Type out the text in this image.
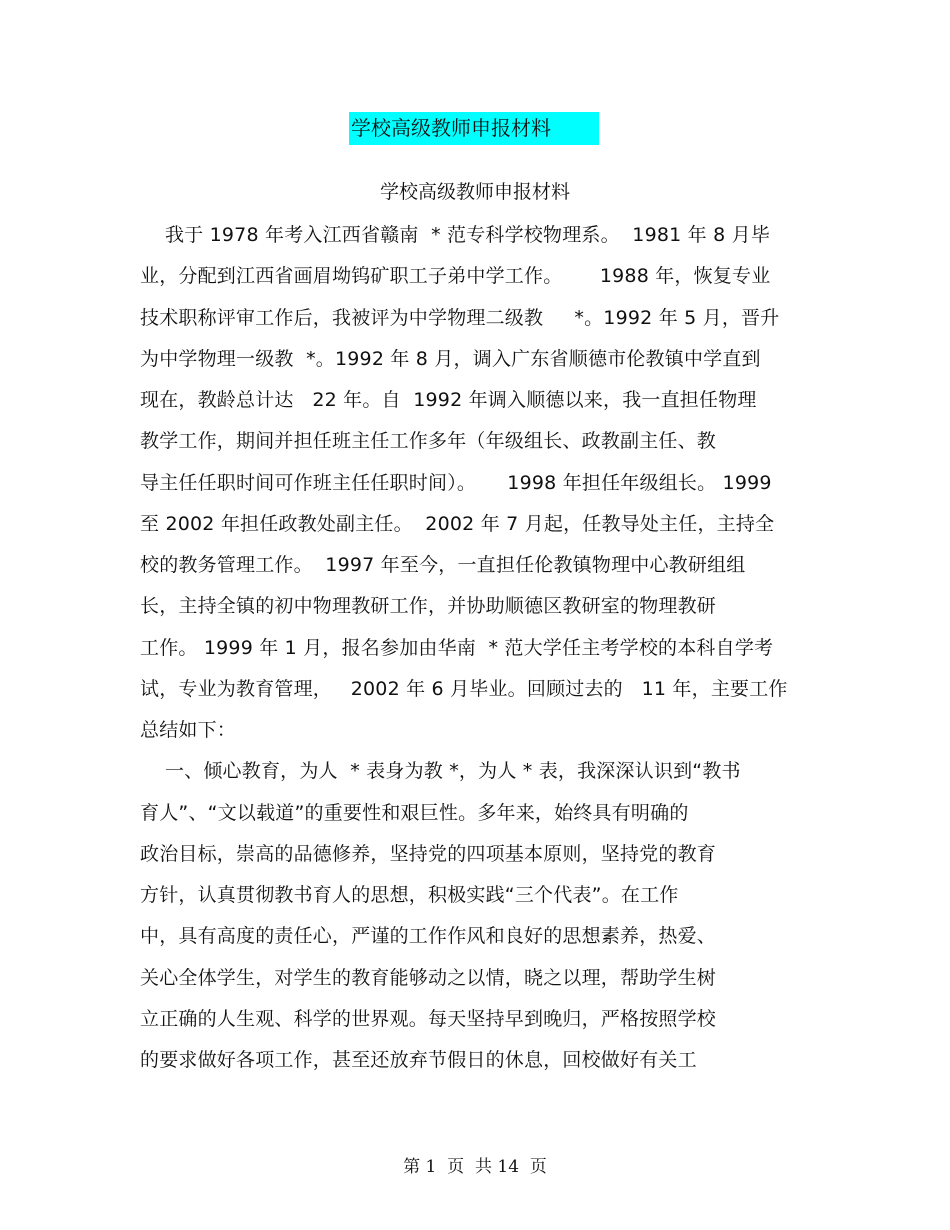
学校高级教师申报材料
学校高级教师申报材料
我于 1978 年考入江西省赣南  * 范专科学校物理系。  1981 年 8 月毕
业，分配到江西省画眉坳钨矿职工子弟中学工作。      1988 年，恢复专业
技术职称评审工作后，我被评为中学物理二级教     *。1992 年 5 月，晋升
为中学物理一级教  *。1992 年 8 月，调入广东省顺德市伦教镇中学直到
现在，教龄总计达   22 年。自  1992 年调入顺德以来，我一直担任物理
教学工作，期间并担任班主任工作多年（年级组长、政教副主任、教
导主任任职时间可作班主任任职时间）。     1998 年担任年级组长。 1999
至 2002 年担任政教处副主任。  2002 年 7 月起，任教导处主任，主持全
校的教务管理工作。  1997 年至今，一直担任伦教镇物理中心教研组组
长，主持全镇的初中物理教研工作，并协助顺德区教研室的物理教研
工作。 1999 年 1 月，报名参加由华南  * 范大学任主考学校的本科自学考
试，专业为教育管理，   2002 年 6 月毕业。回顾过去的   11 年，主要工作
总结如下：
一、倾心教育，为人  * 表身为教 *，为人 * 表，我深深认识到“教书
育人”、“文以载道”的重要性和艰巨性。多年来，始终具有明确的
政治目标，崇高的品德修养，坚持党的四项基本原则，坚持党的教育
方针，认真贯彻教书育人的思想，积极实践“三个代表”。在工作
中，具有高度的责任心，严谨的工作作风和良好的思想素养，热爱、
关心全体学生，对学生的教育能够动之以情，晓之以理，帮助学生树
立正确的人生观、科学的世界观。每天坚持早到晚归，严格按照学校
的要求做好各项工作，甚至还放弃节假日的休息，回校做好有关工
第 1  页  共 14  页
